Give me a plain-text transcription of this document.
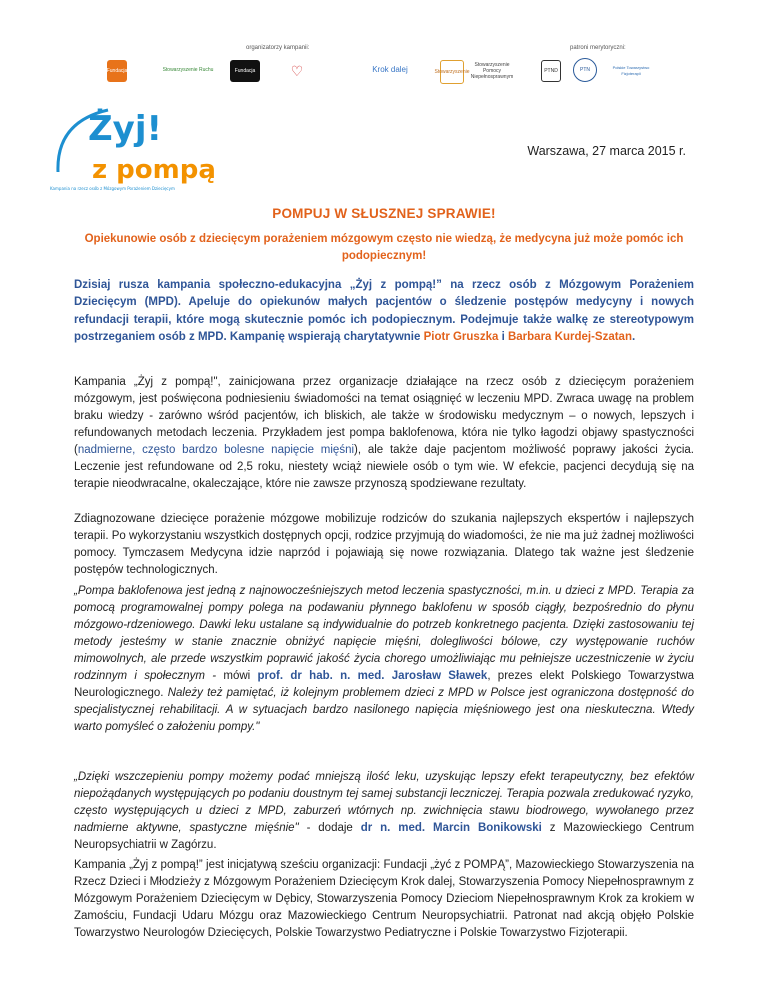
organizatorzy kampanii:	patroni merytoryczni:
Fundacja	Stowarzyszenie Ruchu	Fundacja	♡	Krok dalej	Stowarzyszenie
Stowarzyszenie Pomocy Niepełnosprawnym
PTND	PTN	Polskie Towarzystwo Fizjoterapii
Żyj!
z pompą
Kampania na rzecz osób z Mózgowym Porażeniem Dziecięcym
Warszawa, 27 marca 2015 r.
POMPUJ W SŁUSZNEJ SPRAWIE!
Opiekunowie osób z dziecięcym porażeniem mózgowym często nie wiedzą, że medycyna już może pomóc ich podopiecznym!
Dzisiaj rusza kampania społeczno-edukacyjna „Żyj z pompą!” na rzecz osób z Mózgowym Porażeniem Dziecięcym (MPD). Apeluje do opiekunów małych pacjentów o śledzenie postępów medycyny i nowych refundacji terapii, które mogą skutecznie pomóc ich podopiecznym. Podejmuje także walkę ze stereotypowym postrzeganiem osób z MPD. Kampanię wspierają charytatywnie Piotr Gruszka i Barbara Kurdej-Szatan.
Kampania „Żyj z pompą!", zainicjowana przez organizacje działające na rzecz osób z dziecięcym porażeniem mózgowym, jest poświęcona podniesieniu świadomości na temat osiągnięć w leczeniu MPD. Zwraca uwagę na problem braku wiedzy - zarówno wśród pacjentów, ich bliskich, ale także w środowisku medycznym – o nowych, lepszych i refundowanych metodach leczenia. Przykładem jest pompa baklofenowa, która nie tylko łagodzi objawy spastyczności (nadmierne, często bardzo bolesne napięcie mięśni), ale także daje pacjentom możliwość poprawy jakości życia. Leczenie jest refundowane od 2,5 roku, niestety wciąż niewiele osób o tym wie. W efekcie, pacjenci decydują się na terapie nieodwracalne, okaleczające, które nie zawsze przynoszą spodziewane rezultaty.
Zdiagnozowane dziecięce porażenie mózgowe mobilizuje rodziców do szukania najlepszych ekspertów i najlepszych terapii. Po wykorzystaniu wszystkich dostępnych opcji, rodzice przyjmują do wiadomości, że nie ma już żadnej możliwości pomocy. Tymczasem Medycyna idzie naprzód i pojawiają się nowe rozwiązania. Dlatego tak ważne jest śledzenie postępów technologicznych.
„Pompa baklofenowa jest jedną z najnowocześniejszych metod leczenia spastyczności, m.in. u dzieci z MPD. Terapia za pomocą programowalnej pompy polega na podawaniu płynnego baklofenu w sposób ciągły, bezpośrednio do płynu mózgowo-rdzeniowego. Dawki leku ustalane są indywidualnie do potrzeb konkretnego pacjenta. Dzięki zastosowaniu tej metody jesteśmy w stanie znacznie obniżyć napięcie mięśni, dolegliwości bólowe, czy występowanie ruchów mimowolnych, ale przede wszystkim poprawić jakość życia chorego umożliwiając mu pełniejsze uczestniczenie w życiu rodzinnym i społecznym - mówi prof. dr hab. n. med. Jarosław Sławek, prezes elekt Polskiego Towarzystwa Neurologicznego. Należy też pamiętać, iż kolejnym problemem dzieci z MPD w Polsce jest ograniczona dostępność do specjalistycznej rehabilitacji. A w sytuacjach bardzo nasilonego napięcia mięśniowego jest ona nieskuteczna. Wtedy warto pomyśleć o założeniu pompy."
„Dzięki wszczepieniu pompy możemy podać mniejszą ilość leku, uzyskując lepszy efekt terapeutyczny, bez efektów niepożądanych występujących po podaniu doustnym tej samej substancji leczniczej. Terapia pozwala zredukować ryzyko, często występujących u dzieci z MPD, zaburzeń wtórnych np. zwichnięcia stawu biodrowego, wywołanego przez nadmierne aktywne, spastyczne mięśnie" - dodaje dr n. med. Marcin Bonikowski z Mazowieckiego Centrum Neuropsychiatrii w Zagórzu.
Kampania „Żyj z pompą!” jest inicjatywą sześciu organizacji: Fundacji „żyć z POMPĄ”, Mazowieckiego Stowarzyszenia na Rzecz Dzieci i Młodzieży z Mózgowym Porażeniem Dziecięcym Krok dalej, Stowarzyszenia Pomocy Niepełnosprawnym z Mózgowym Porażeniem Dziecięcym w Dębicy, Stowarzyszenia Pomocy Dzieciom Niepełnosprawnym Krok za krokiem w Zamościu, Fundacji Udaru Mózgu oraz Mazowieckiego Centrum Neuropsychiatrii. Patronat nad akcją objęło Polskie Towarzystwo Neurologów Dziecięcych, Polskie Towarzystwo Pediatryczne i Polskie Towarzystwo Fizjoterapii.
